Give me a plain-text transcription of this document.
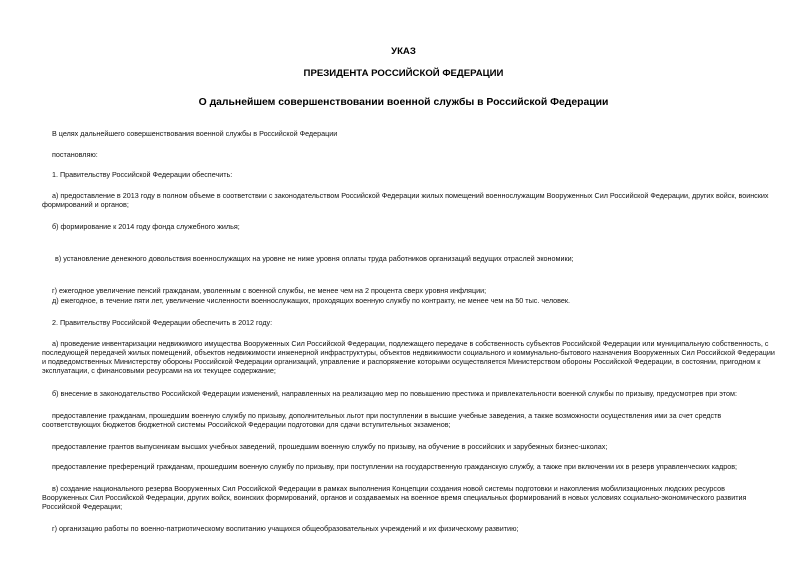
УКАЗ
ПРЕЗИДЕНТА РОССИЙСКОЙ ФЕДЕРАЦИИ
О дальнейшем совершенствовании военной службы в Российской Федерации

В целях дальнейшего совершенствования военной службы в Российской Федерации

постановляю:

1. Правительству Российской Федерации обеспечить:

а) предоставление в 2013 году в полном объеме в соответствии с законодательством Российской Федерации жилых помещений военнослужащим Вооруженных Сил Российской Федерации, других войск, воинских
формирований и органов;

б) формирование к 2014 году фонда служебного жилья;

в) установление денежного довольствия военнослужащих на уровне не ниже уровня оплаты труда работников организаций ведущих отраслей экономики;

г) ежегодное увеличение пенсий гражданам, уволенным с военной службы, не менее чем на 2 процента сверх уровня инфляции;

д) ежегодное, в течение пяти лет, увеличение численности военнослужащих, проходящих военную службу по контракту, не менее чем на 50 тыс. человек.

2. Правительству Российской Федерации обеспечить в 2012 году:

а) проведение инвентаризации недвижимого имущества Вооруженных Сил Российской Федерации, подлежащего передаче в собственность субъектов Российской Федерации или муниципальную собственность, с
последующей передачей жилых помещений, объектов недвижимости инженерной инфраструктуры, объектов недвижимости социального и коммунально-бытового назначения Вооруженных Сил Российской Федерации
и подведомственных Министерству обороны Российской Федерации организаций, управление и распоряжение которыми осуществляется Министерством обороны Российской Федерации, в состоянии, пригодном к
эксплуатации, с финансовыми ресурсами на их текущее содержание;

б) внесение в законодательство Российской Федерации изменений, направленных на реализацию мер по повышению престижа и привлекательности военной службы по призыву, предусмотрев при этом:

предоставление гражданам, прошедшим военную службу по призыву, дополнительных льгот при поступлении в высшие учебные заведения, а также возможности осуществления ими за счет средств
соответствующих бюджетов бюджетной системы Российской Федерации подготовки для сдачи вступительных экзаменов;

предоставление грантов выпускникам высших учебных заведений, прошедшим военную службу по призыву, на обучение в российских и зарубежных бизнес-школах;

предоставление преференций гражданам, прошедшим военную службу по призыву, при поступлении на государственную гражданскую службу, а также при включении их в резерв управленческих кадров;

в) создание национального резерва Вооруженных Сил Российской Федерации в рамках выполнения Концепции создания новой системы подготовки и накопления мобилизационных людских ресурсов
Вооруженных Сил Российской Федерации, других войск, воинских формирований, органов и создаваемых на военное время специальных формирований в новых условиях социально-экономического развития
Российской Федерации;

г) организацию работы по военно-патриотическому воспитанию учащихся общеобразовательных учреждений и их физическому развитию;
